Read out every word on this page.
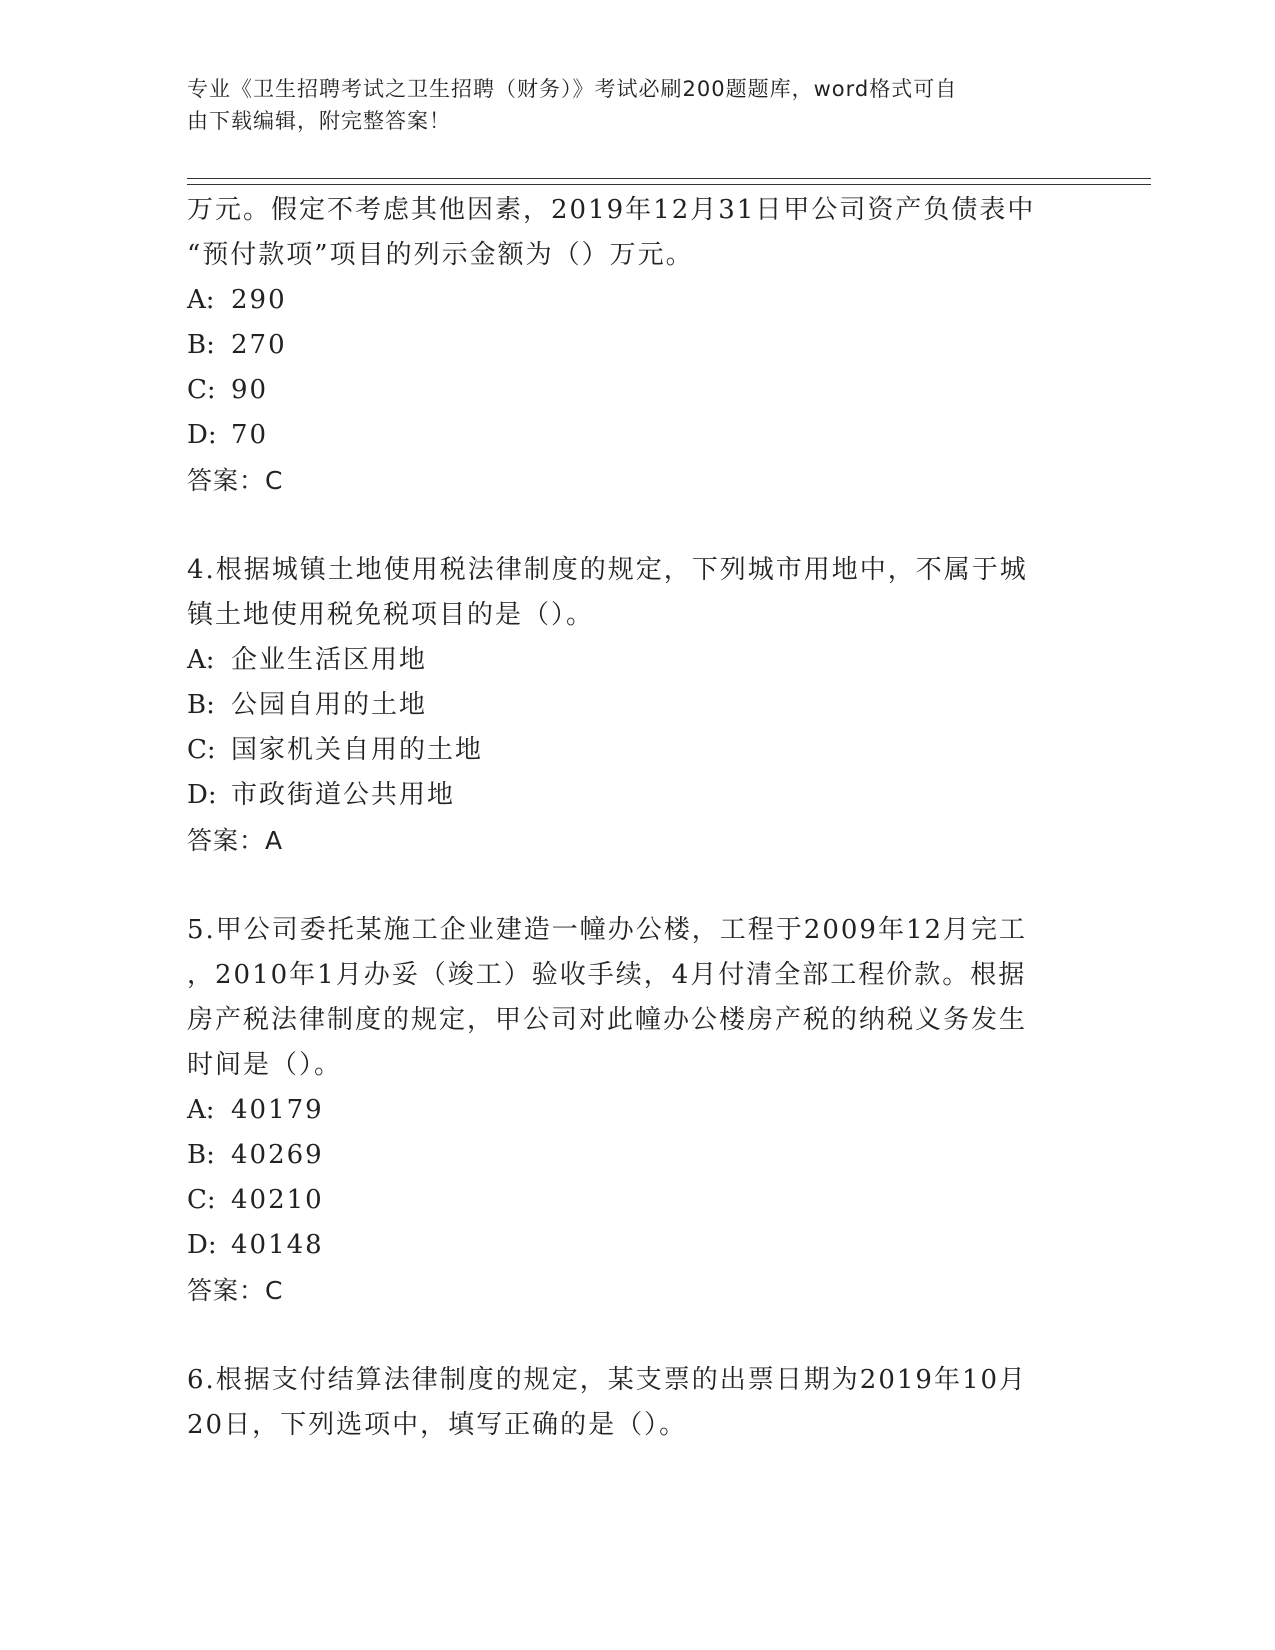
专业《卫生招聘考试之卫生招聘（财务）》考试必刷200题题库，word格式可自
由下载编辑，附完整答案！

万元。假定不考虑其他因素，2019年12月31日甲公司资产负债表中

“预付款项”项目的列示金额为（）万元。

A: 290

B: 270

C: 90

D: 70

答案：C

4.根据城镇土地使用税法律制度的规定，下列城市用地中，不属于城

镇土地使用税免税项目的是（）。

A: 企业生活区用地

B: 公园自用的土地

C: 国家机关自用的土地

D: 市政街道公共用地

答案：A

5.甲公司委托某施工企业建造一幢办公楼，工程于2009年12月完工

，2010年1月办妥（竣工）验收手续，4月付清全部工程价款。根据

房产税法律制度的规定，甲公司对此幢办公楼房产税的纳税义务发生

时间是（）。

A: 40179

B: 40269

C: 40210

D: 40148

答案：C

6.根据支付结算法律制度的规定，某支票的出票日期为2019年10月

20日，下列选项中，填写正确的是（）。
